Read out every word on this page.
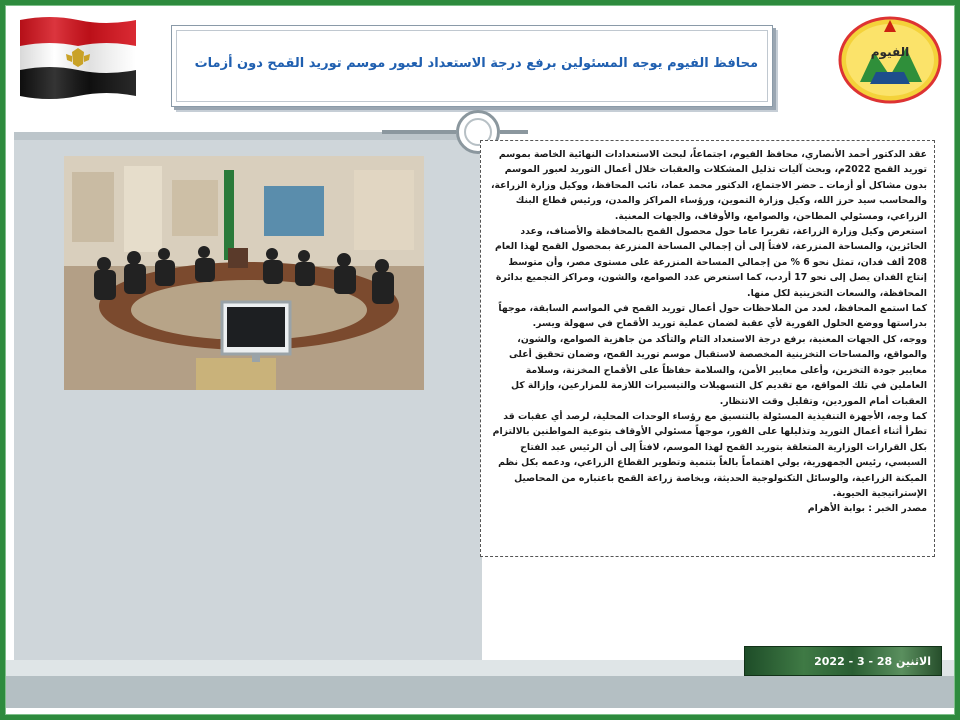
الفيوم
محافظ الفيوم يوجه المسئولين برفع درجة الاستعداد لعبور موسم توريد القمح دون أزمات

عقد الدكتور أحمد الأنصاري، محافظ الفيوم، اجتماعاً، لبحث الاستعدادات النهائية الخاصة بموسم توريد القمح 2022م، وبحث آليات تذليل المشكلات والعقبات خلال أعمال التوريد لعبور الموسم بدون مشاكل أو أزمات ـ حضر الاجتماع، الدكتور محمد عماد، نائب المحافظ، ووكيل وزارة الزراعة، والمحاسب سيد حرز الله، وكيل وزارة التموين، ورؤساء المراكز والمدن، ورئيس قطاع البنك الزراعي، ومسئولي المطاحن، والصوامع، والأوقاف، والجهات المعنية.

استعرض وكيل وزارة الزراعة، تقريرا عاما حول محصول القمح بالمحافظة والأصناف، وعدد الحائزين، والمساحة المنزرعة، لافتاً إلى أن إجمالي المساحة المنزرعة بمحصول القمح لهذا العام 208 ألف فدان، تمثل نحو 6 % من إجمالي المساحة المنزرعة على مستوى مصر، وأن متوسط إنتاج الفدان يصل إلى نحو 17 أردب، كما استعرض عدد الصوامع، والشون، ومراكز التجميع بدائرة المحافظة، والسعات التخزينية لكل منها.

كما استمع المحافظ، لعدد من الملاحظات حول أعمال توريد القمح في المواسم السابقة، موجهاً بدراستها ووضع الحلول الفورية لأي عقبة لضمان عملية توريد الأقماح في سهولة ويسر.

ووجه، كل الجهات المعنية، برفع درجة الاستعداد التام والتأكد من جاهزية الصوامع، والشون، والمواقع، والمساحات التخزينية المخصصة لاستقبال موسم توريد القمح، وضمان تحقيق أعلى معايير جودة التخزين، وأعلى معايير الأمن، والسلامة حفاظاً على الأقماح المخزنة، وسلامة العاملين في تلك المواقع، مع تقديم كل التسهيلات والتيسيرات اللازمة للمزارعين، وإزالة كل العقبات أمام الموردين، وتقليل وقت الانتظار.

كما وجه، الأجهزة التنفيذية المسئولة بالتنسيق مع رؤساء الوحدات المحلية، لرصد أي عقبات قد تطرأ أثناء أعمال التوريد وتذليلها على الفور، موجهاً مسئولي الأوقاف بتوعية المواطنين بالالتزام بكل القرارات الوزارية المتعلقة بتوريد القمح لهذا الموسم، لافتاً إلى أن الرئيس عبد الفتاح السيسي، رئيس الجمهورية، يولي اهتماماً بالغاً بتنمية وتطوير القطاع الزراعي، ودعمه بكل نظم الميكنة الزراعية، والوسائل التكنولوجية الحديثة، وبخاصة زراعة القمح باعتباره من المحاصيل الإستراتيجية الحيوية.

مصدر الخبر : بوابة الأهرام

الاثنين 28 - 3 - 2022
